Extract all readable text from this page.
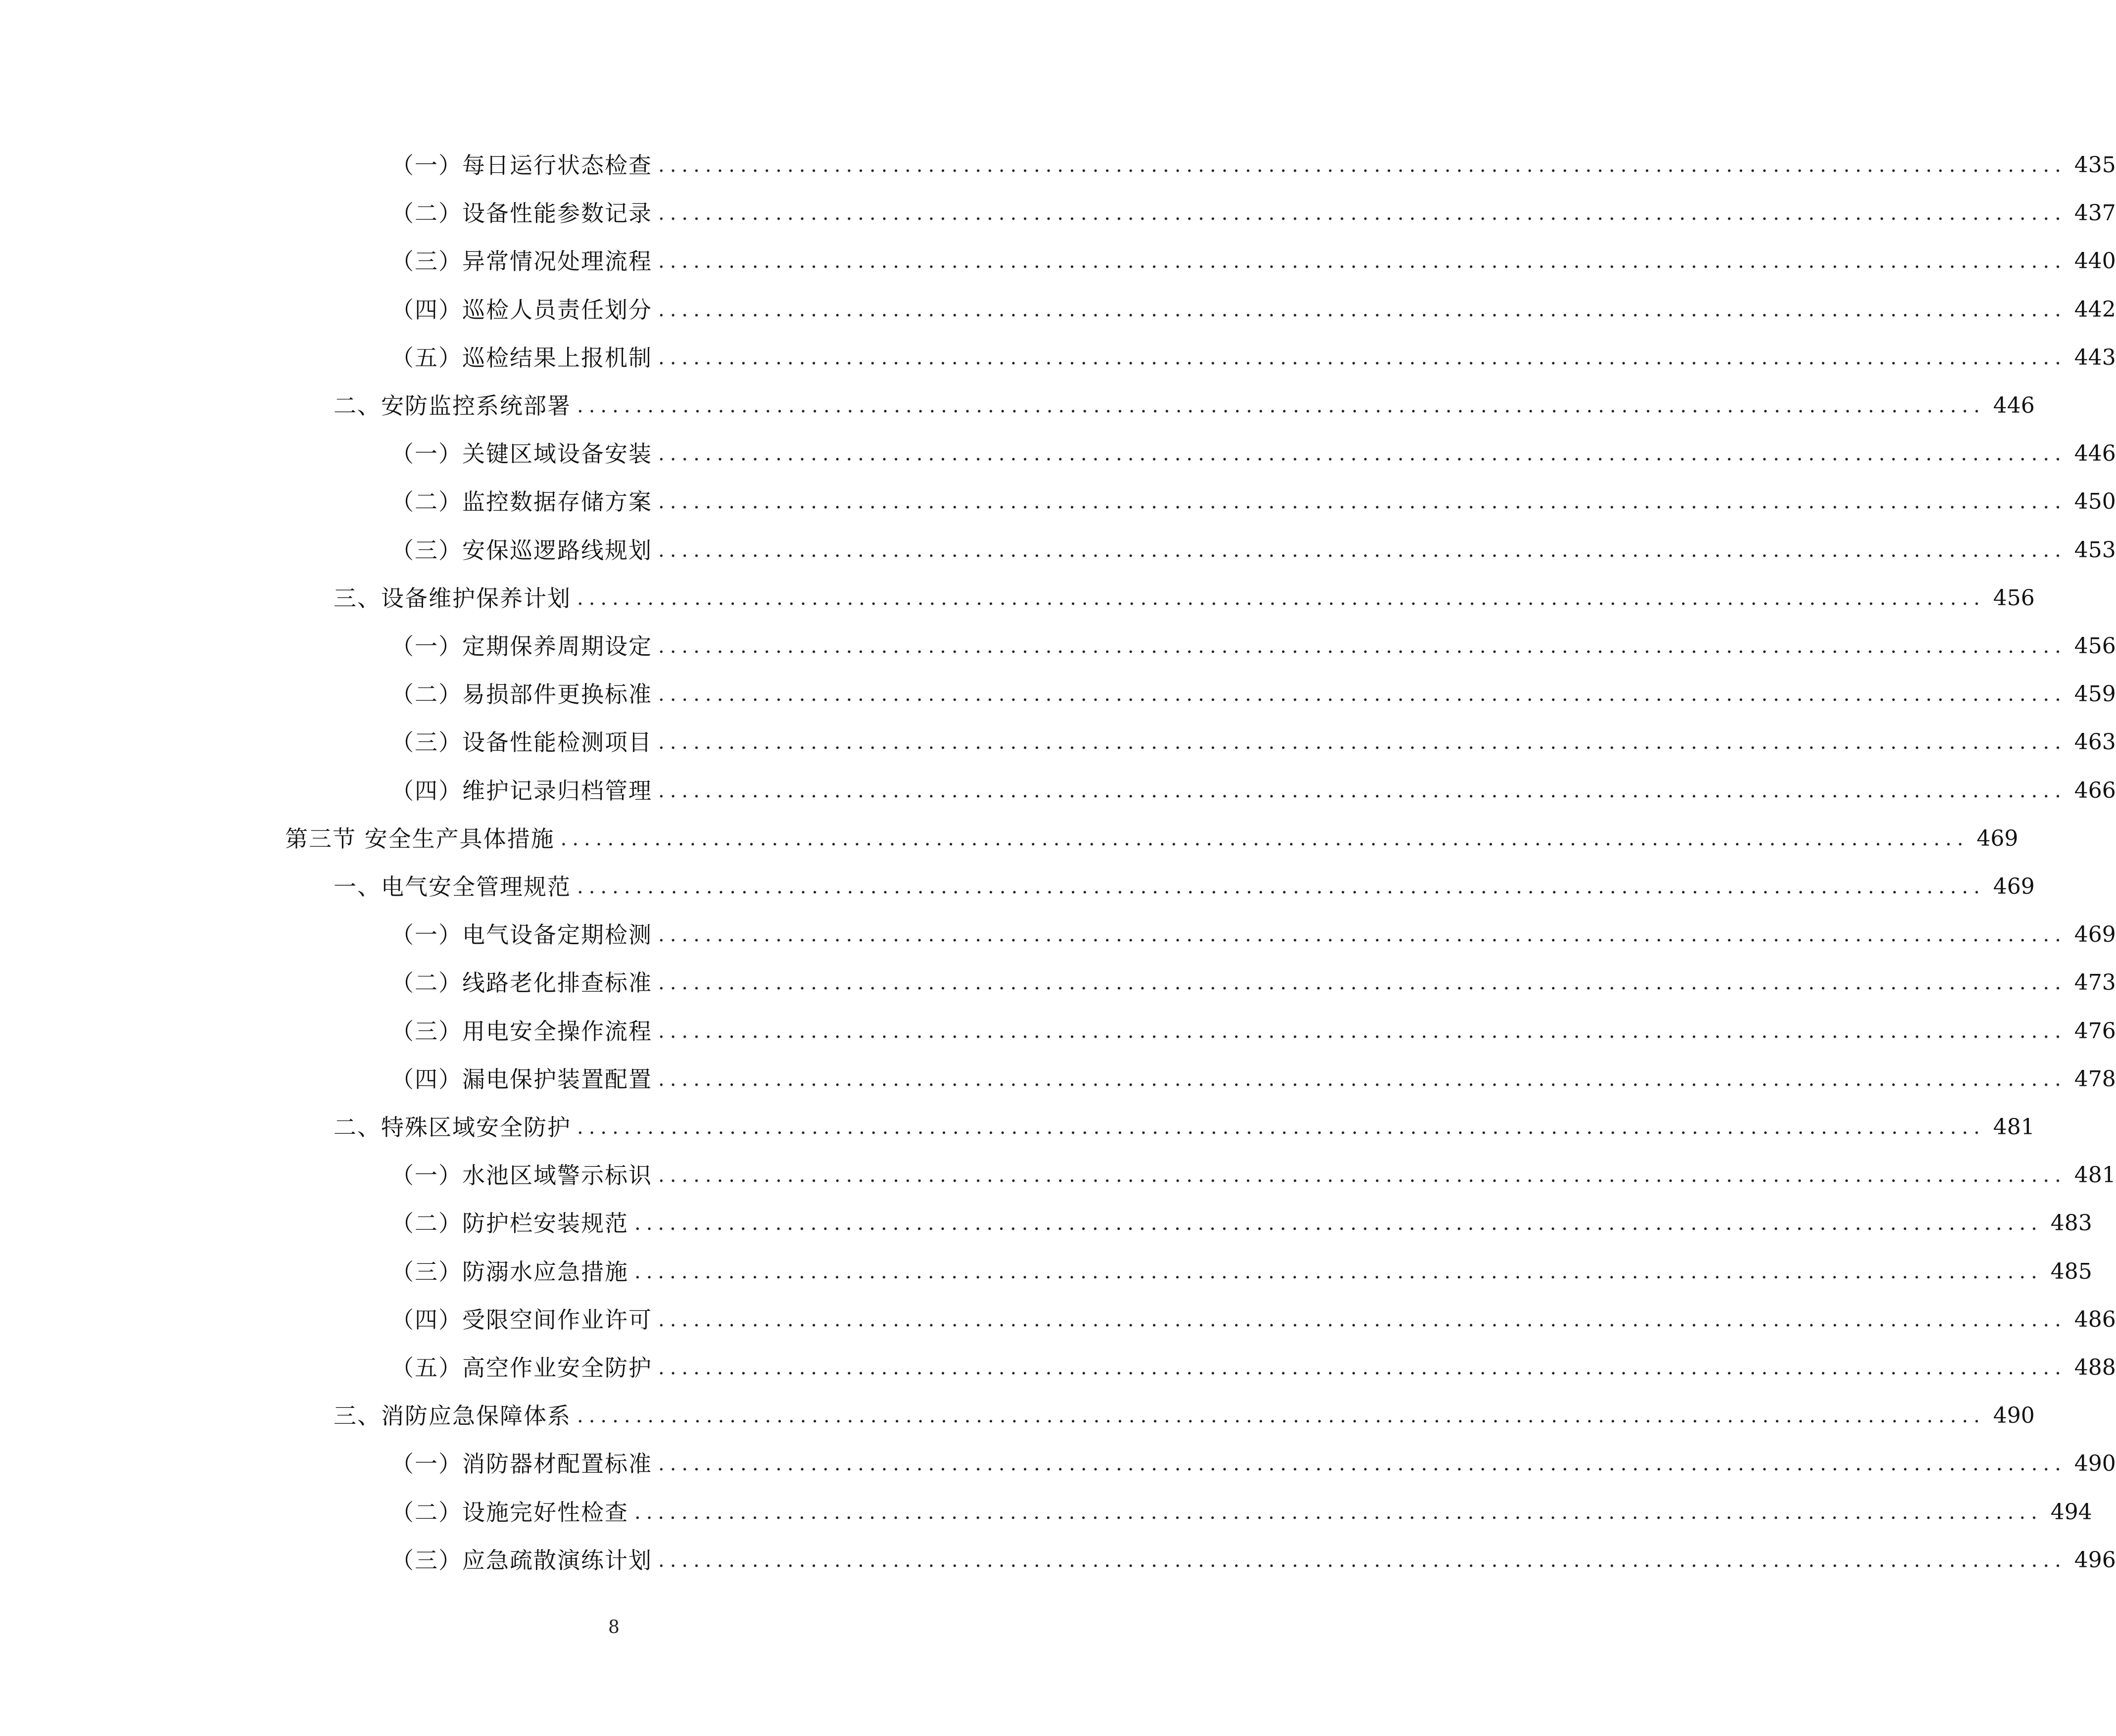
（一）每日运行状态检查 ........................................................................................................................ 435
（二）设备性能参数记录 ........................................................................................................................ 437
（三）异常情况处理流程 ........................................................................................................................ 440
（四）巡检人员责任划分 ........................................................................................................................ 442
（五）巡检结果上报机制 ........................................................................................................................ 443
二、安防监控系统部署 ........................................................................................................................ 446
（一）关键区域设备安装 ........................................................................................................................ 446
（二）监控数据存储方案 ........................................................................................................................ 450
（三）安保巡逻路线规划 ........................................................................................................................ 453
三、设备维护保养计划 ........................................................................................................................ 456
（一）定期保养周期设定 ........................................................................................................................ 456
（二）易损部件更换标准 ........................................................................................................................ 459
（三）设备性能检测项目 ........................................................................................................................ 463
（四）维护记录归档管理 ........................................................................................................................ 466
第三节 安全生产具体措施 ........................................................................................................................ 469
一、电气安全管理规范 ........................................................................................................................ 469
（一）电气设备定期检测 ........................................................................................................................ 469
（二）线路老化排查标准 ........................................................................................................................ 473
（三）用电安全操作流程 ........................................................................................................................ 476
（四）漏电保护装置配置 ........................................................................................................................ 478
二、特殊区域安全防护 ........................................................................................................................ 481
（一）水池区域警示标识 ........................................................................................................................ 481
（二）防护栏安装规范 ........................................................................................................................ 483
（三）防溺水应急措施 ........................................................................................................................ 485
（四）受限空间作业许可 ........................................................................................................................ 486
（五）高空作业安全防护 ........................................................................................................................ 488
三、消防应急保障体系 ........................................................................................................................ 490
（一）消防器材配置标准 ........................................................................................................................ 490
（二）设施完好性检查 ........................................................................................................................ 494
（三）应急疏散演练计划 ........................................................................................................................ 496
8
